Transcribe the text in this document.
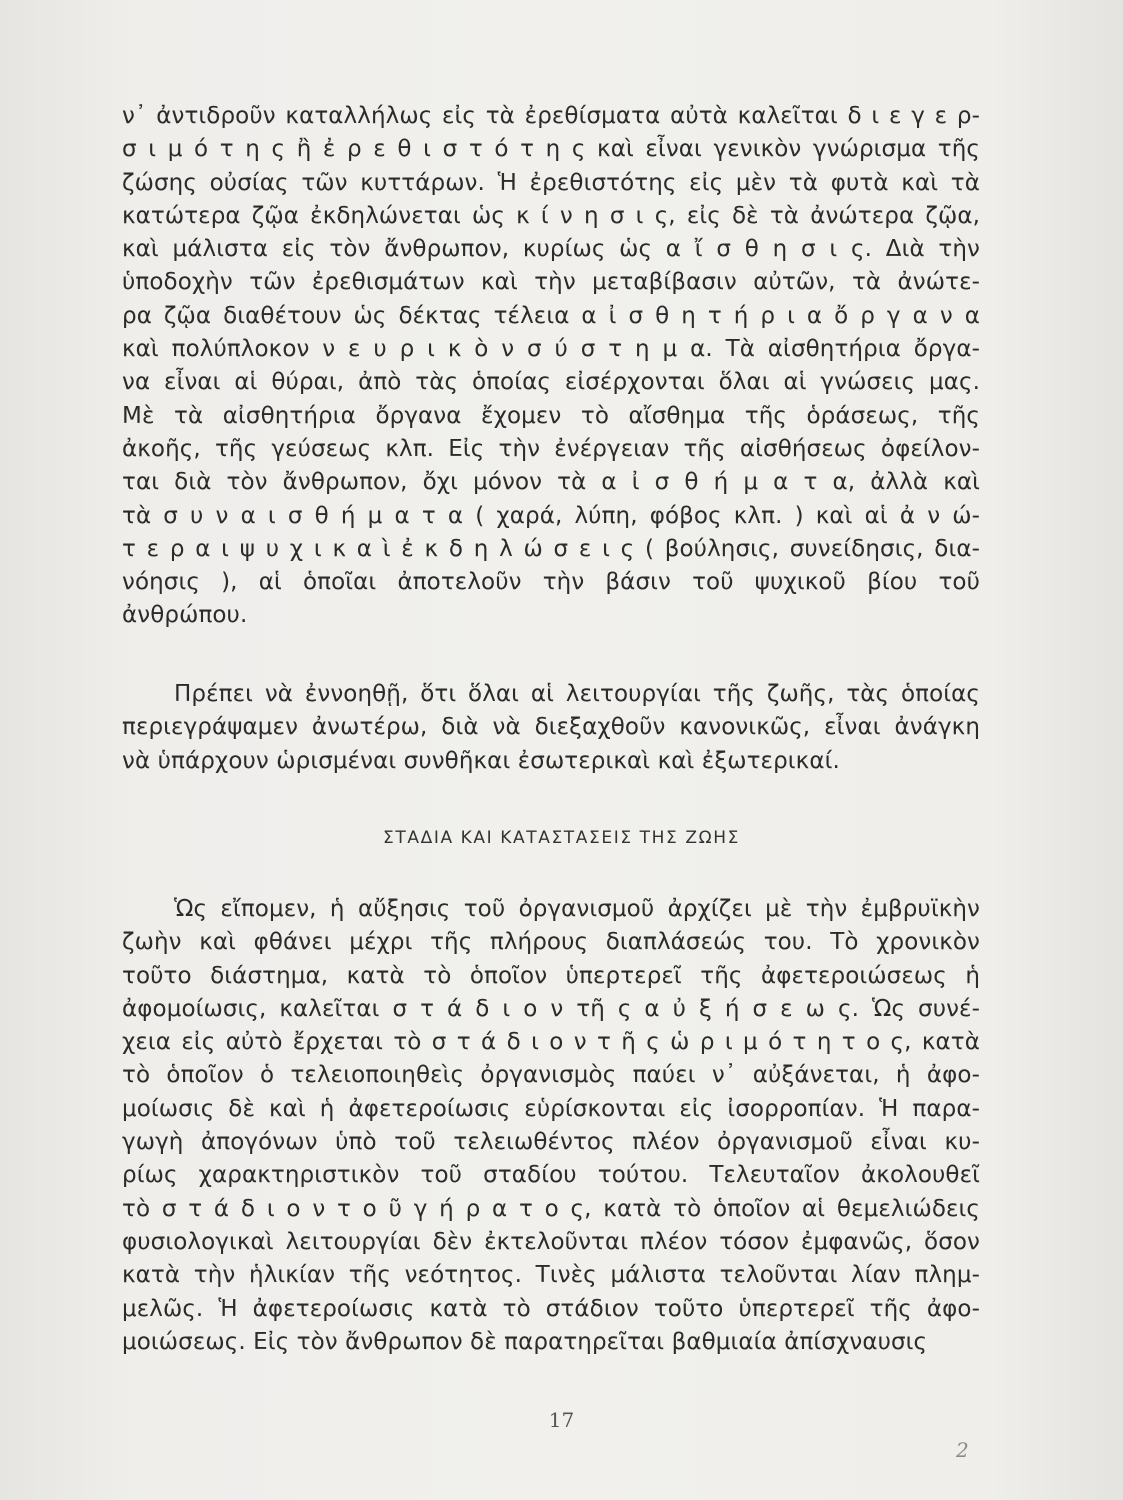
ν᾽ ἀντιδροῦν καταλλήλως εἰς τὰ ἐρεθίσματα αὐτὰ καλεῖται δ ι ε γ ε ρ-
σ ι μ ό τ η ς ἢ ἐ ρ ε θ ι σ τ ό τ η ς καὶ εἶναι γενικὸν γνώρισμα τῆς
ζώσης οὐσίας τῶν κυττάρων. Ἡ ἐρεθιστότης εἰς μὲν τὰ φυτὰ καὶ τὰ
κατώτερα ζῷα ἐκδηλώνεται ὡς κ ί ν η σ ι ς, εἰς δὲ τὰ ἀνώτερα ζῷα,
καὶ μάλιστα εἰς τὸν ἄνθρωπον, κυρίως ὡς α ἴ σ θ η σ ι ς. Διὰ τὴν
ὑποδοχὴν τῶν ἐρεθισμάτων καὶ τὴν μεταβίβασιν αὐτῶν, τὰ ἀνώτε-
ρα ζῷα διαθέτουν ὡς δέκτας τέλεια α ἰ σ θ η τ ή ρ ι α ὄ ρ γ α ν α
καὶ πολύπλοκον ν ε υ ρ ι κ ὸ ν σ ύ σ τ η μ α. Τὰ αἰσθητήρια ὄργα-
να εἶναι αἱ θύραι, ἀπὸ τὰς ὁποίας εἰσέρχονται ὅλαι αἱ γνώσεις μας.
Μὲ τὰ αἰσθητήρια ὄργανα ἔχομεν τὸ αἴσθημα τῆς ὁράσεως, τῆς
ἀκοῆς, τῆς γεύσεως κλπ. Εἰς τὴν ἐνέργειαν τῆς αἰσθήσεως ὀφείλον-
ται διὰ τὸν ἄνθρωπον, ὄχι μόνον τὰ α ἰ σ θ ή μ α τ α, ἀλλὰ καὶ
τὰ σ υ ν α ι σ θ ή μ α τ α ( χαρά, λύπη, φόβος κλπ. ) καὶ αἱ ἀ ν ώ-
τ ε ρ α ι ψ υ χ ι κ α ὶ ἐ κ δ η λ ώ σ ε ι ς ( βούλησις, συνείδησις, δια-
νόησις ), αἱ ὁποῖαι ἀποτελοῦν τὴν βάσιν τοῦ ψυχικοῦ βίου τοῦ
ἀνθρώπου.

Πρέπει νὰ ἐννοηθῇ, ὅτι ὅλαι αἱ λειτουργίαι τῆς ζωῆς, τὰς ὁποίας
περιεγράψαμεν ἀνωτέρω, διὰ νὰ διεξαχθοῦν κανονικῶς, εἶναι ἀνάγκη
νὰ ὑπάρχουν ὡρισμέναι συνθῆκαι ἐσωτερικαὶ καὶ ἐξωτερικαί.

Ὡς εἴπομεν, ἡ αὔξησις τοῦ ὀργανισμοῦ ἀρχίζει μὲ τὴν ἐμβρυϊκὴν
ζωὴν καὶ φθάνει μέχρι τῆς πλήρους διαπλάσεώς του. Τὸ χρονικὸν
τοῦτο διάστημα, κατὰ τὸ ὁποῖον ὑπερτερεῖ τῆς ἀφετεροιώσεως ἡ
ἀφομοίωσις, καλεῖται σ τ ά δ ι ο ν τῆ ς α ὐ ξ ή σ ε ω ς. Ὡς συνέ-
χεια εἰς αὐτὸ ἔρχεται τὸ σ τ ά δ ι ο ν τ ῆ ς ὡ ρ ι μ ό τ η τ ο ς, κατὰ
τὸ ὁποῖον ὁ τελειοποιηθεὶς ὀργανισμὸς παύει ν᾽ αὐξάνεται, ἡ ἀφο-
μοίωσις δὲ καὶ ἡ ἀφετεροίωσις εὑρίσκονται εἰς ἰσορροπίαν. Ἡ παρα-
γωγὴ ἀπογόνων ὑπὸ τοῦ τελειωθέντος πλέον ὀργανισμοῦ εἶναι κυ-
ρίως χαρακτηριστικὸν τοῦ σταδίου τούτου. Τελευταῖον ἀκολουθεῖ
τὸ σ τ ά δ ι ο ν τ ο ῦ γ ή ρ α τ ο ς, κατὰ τὸ ὁποῖον αἱ θεμελιώδεις
φυσιολογικαὶ λειτουργίαι δὲν ἐκτελοῦνται πλέον τόσον ἐμφανῶς, ὅσον
κατὰ τὴν ἡλικίαν τῆς νεότητος. Τινὲς μάλιστα τελοῦνται λίαν πλημ-
μελῶς. Ἡ ἀφετεροίωσις κατὰ τὸ στάδιον τοῦτο ὑπερτερεῖ τῆς ἀφο-
μοιώσεως. Εἰς τὸν ἄνθρωπον δὲ παρατηρεῖται βαθμιαία ἀπίσχναυσις

ΣΤΑΔΙΑ ΚΑΙ ΚΑΤΑΣΤΑΣΕΙΣ ΤΗΣ ΖΩΗΣ
17
2
